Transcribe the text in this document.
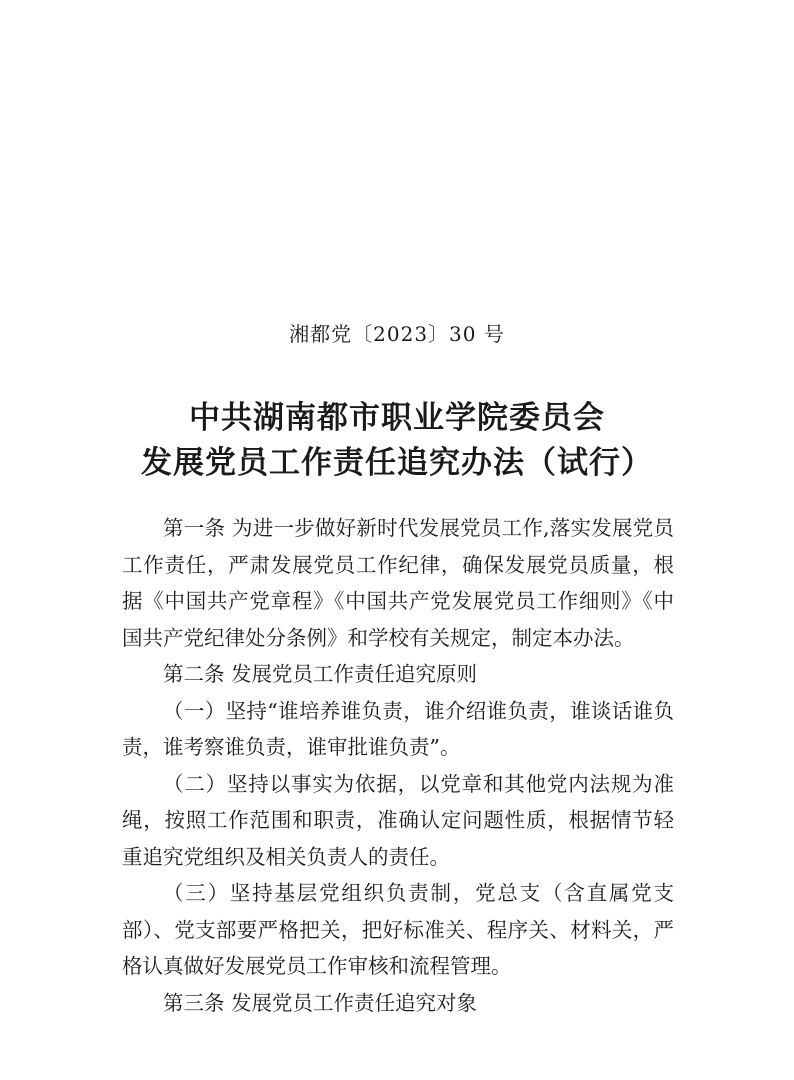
湘都党〔2023〕30 号
中共湖南都市职业学院委员会
发展党员工作责任追究办法（试行）

第一条 为进一步做好新时代发展党员工作,落实发展党员工作责任，严肃发展党员工作纪律，确保发展党员质量，根据《中国共产党章程》《中国共产党发展党员工作细则》《中国共产党纪律处分条例》和学校有关规定，制定本办法。

第二条 发展党员工作责任追究原则

（一）坚持“谁培养谁负责，谁介绍谁负责，谁谈话谁负责，谁考察谁负责，谁审批谁负责”。

（二）坚持以事实为依据，以党章和其他党内法规为准绳，按照工作范围和职责，准确认定问题性质，根据情节轻重追究党组织及相关负责人的责任。

（三）坚持基层党组织负责制，党总支（含直属党支部）、党支部要严格把关，把好标准关、程序关、材料关，严格认真做好发展党员工作审核和流程管理。

第三条 发展党员工作责任追究对象
